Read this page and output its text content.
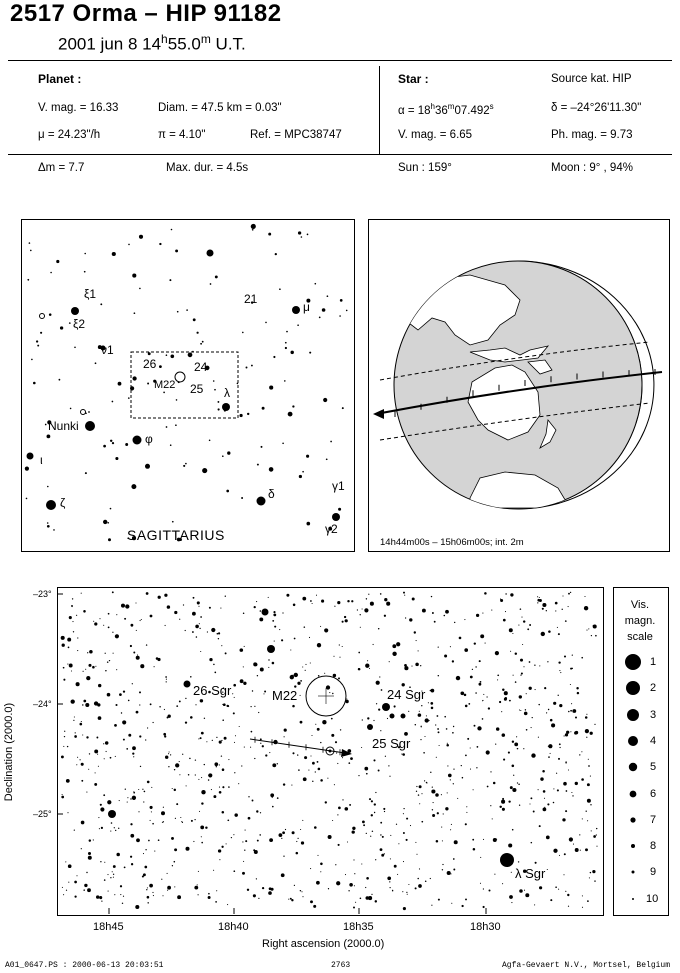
2517 Orma – HIP 91182
2001 jun 8 14$^h$55.0$^m$ U.T.
Planet :
V. mag. = 16.33	Diam. = 47.5 km = 0.03"
μ = 24.23"/h	π = 4.10"	Ref. = MPC38747
Δm = 7.7	Max. dur. = 4.5s
Star :	Source kat. HIP
$\alpha = 18^h36^m07.492^s$	δ = –24°26'11.30"
V. mag. = 6.65	Ph. mag. = 9.73
Sun : 159°	Moon : 9° , 94%
ξ1
ξ2
ν1
21
μ
26	24
M22 25 λ
Nunki
φ
ι
δ
γ1
ζ
γ2
SAGITTARIUS	14h44m00s – 15h06m00s; int. 2m
26 Sgr	M22	24 Sgr
25 Sgr
λ Sgr
–23°
–24°
–25°
18h45	18h40	18h35	18h30
Right ascension (2000.0)
Declination (2000.0)
Vis.
magn.
scale
1
2
3
4
5
6
7
8
9
10
A01_0647.PS : 2000-06-13 20:03:51	2763	Agfa-Gevaert N.V., Mortsel, Belgium
